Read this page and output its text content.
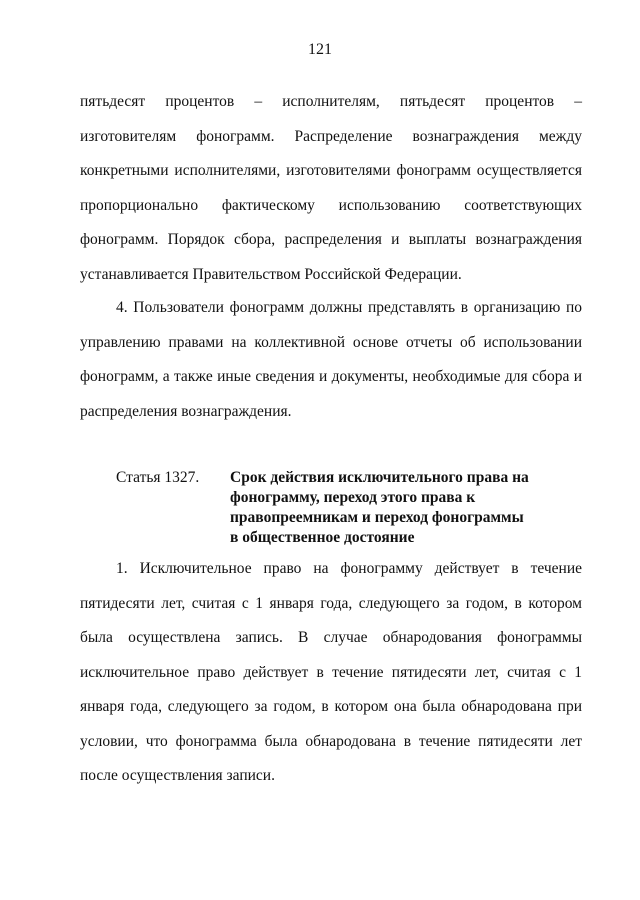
121
пятьдесят процентов – исполнителям, пятьдесят процентов – изготовителям фонограмм. Распределение вознаграждения между конкретными исполнителями, изготовителями фонограмм осуществляется пропорционально фактическому использованию соответствующих фонограмм. Порядок сбора, распределения и выплаты вознаграждения устанавливается Правительством Российской Федерации.
4. Пользователи фонограмм должны представлять в организацию по управлению правами на коллективной основе отчеты об использовании фонограмм, а также иные сведения и документы, необходимые для сбора и распределения вознаграждения.
Статья 1327. Срок действия исключительного права на фонограмму, переход этого права к правопреемникам и переход фонограммы в общественное достояние
1. Исключительное право на фонограмму действует в течение пятидесяти лет, считая с 1 января года, следующего за годом, в котором была осуществлена запись. В случае обнародования фонограммы исключительное право действует в течение пятидесяти лет, считая с 1 января года, следующего за годом, в котором она была обнародована при условии, что фонограмма была обнародована в течение пятидесяти лет после осуществления записи.
